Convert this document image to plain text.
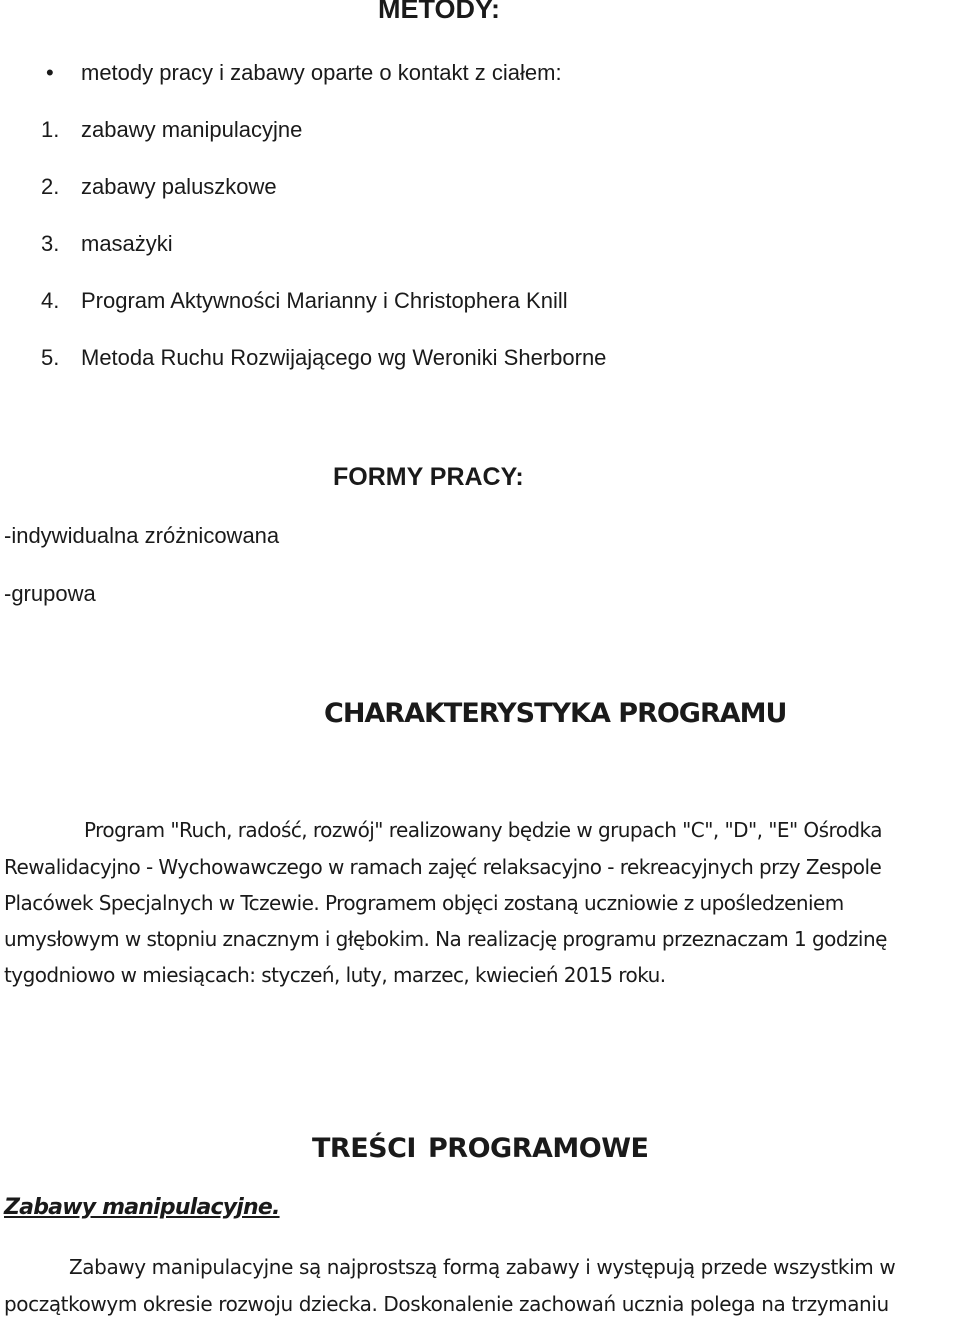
METODY:
• metody pracy i zabawy oparte o kontakt z ciałem:
1. zabawy manipulacyjne
2. zabawy paluszkowe
3. masażyki
4. Program Aktywności Marianny i Christophera Knill
5. Metoda Ruchu Rozwijającego wg Weroniki Sherborne
FORMY PRACY:
-indywidualna zróżnicowana
-grupowa
CHARAKTERYSTYKA PROGRAMU
Program "Ruch, radość, rozwój" realizowany będzie w grupach "C", "D", "E" Ośrodka
Rewalidacyjno - Wychowawczego w ramach zajęć relaksacyjno - rekreacyjnych przy Zespole
Placówek Specjalnych w Tczewie. Programem objęci zostaną uczniowie z upośledzeniem
umysłowym w stopniu znacznym i głębokim. Na realizację programu przeznaczam 1 godzinę
tygodniowo w miesiącach: styczeń, luty, marzec, kwiecień 2015 roku.
TREŚCI PROGRAMOWE
Zabawy manipulacyjne.
Zabawy manipulacyjne są najprostszą formą zabawy i występują przede wszystkim w
początkowym okresie rozwoju dziecka. Doskonalenie zachowań ucznia polega na trzymaniu
